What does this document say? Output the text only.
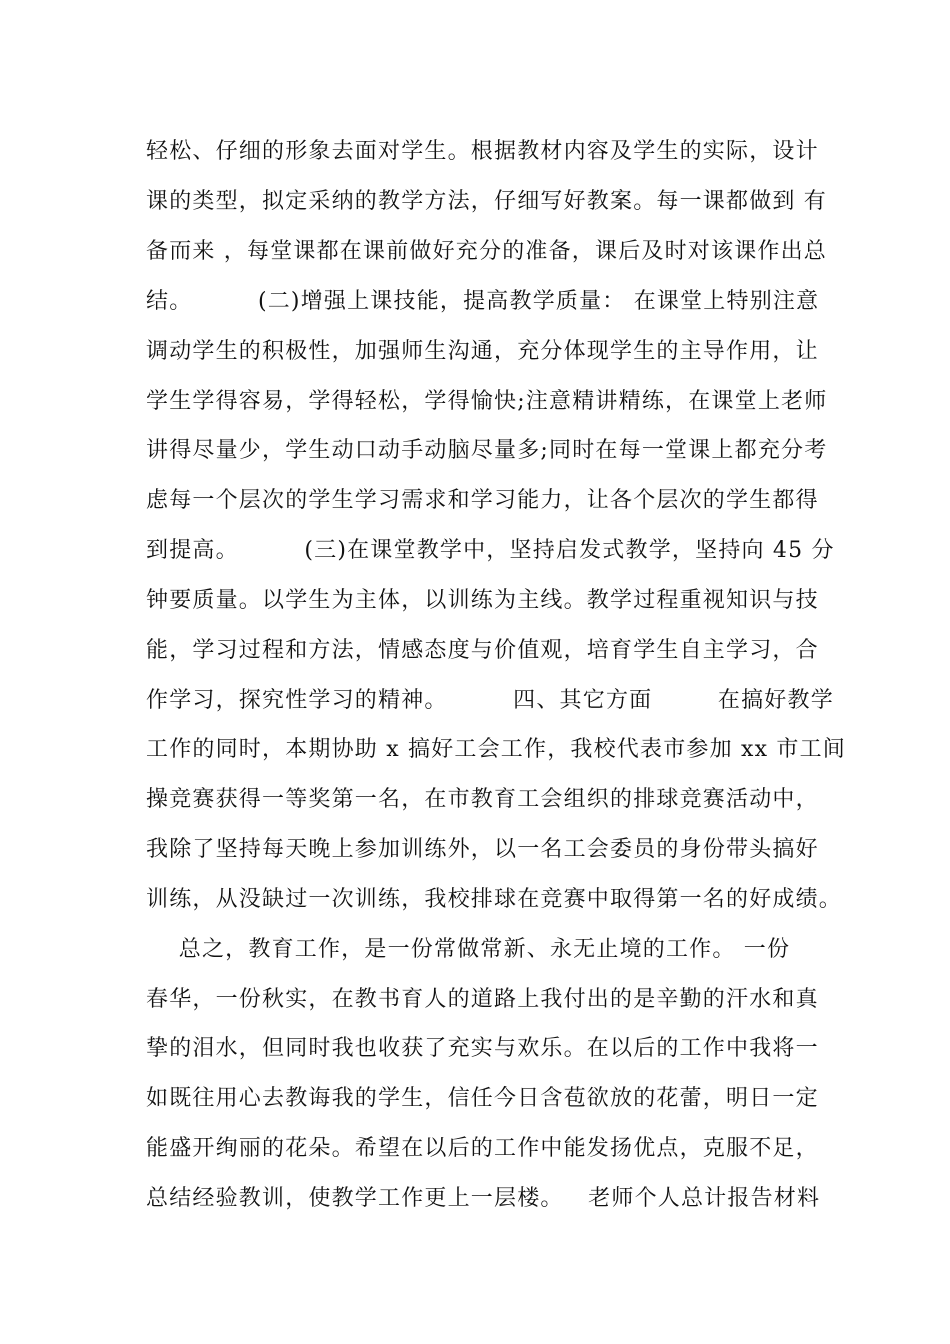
轻松、仔细的形象去面对学生。根据教材内容及学生的实际，设计
课的类型，拟定采纳的教学方法，仔细写好教案。每一课都做到 有
备而来 ，每堂课都在课前做好充分的准备，课后及时对该课作出总
结。        (二)增强上课技能，提高教学质量： 在课堂上特别注意
调动学生的积极性，加强师生沟通，充分体现学生的主导作用，让
学生学得容易，学得轻松，学得愉快;注意精讲精练，在课堂上老师
讲得尽量少，学生动口动手动脑尽量多;同时在每一堂课上都充分考
虑每一个层次的学生学习需求和学习能力，让各个层次的学生都得
到提高。        (三)在课堂教学中，坚持启发式教学，坚持向 45 分
钟要质量。以学生为主体，以训练为主线。教学过程重视知识与技
能，学习过程和方法，情感态度与价值观，培育学生自主学习，合
作学习，探究性学习的精神。        四、其它方面        在搞好教学
工作的同时，本期协助 x 搞好工会工作，我校代表市参加 xx 市工间
操竞赛获得一等奖第一名，在市教育工会组织的排球竞赛活动中，
我除了坚持每天晚上参加训练外，以一名工会委员的身份带头搞好
训练，从没缺过一次训练，我校排球在竞赛中取得第一名的好成绩。
总之，教育工作，是一份常做常新、永无止境的工作。 一份
春华，一份秋实，在教书育人的道路上我付出的是辛勤的汗水和真
挚的泪水，但同时我也收获了充实与欢乐。在以后的工作中我将一
如既往用心去教诲我的学生，信任今日含苞欲放的花蕾，明日一定
能盛开绚丽的花朵。希望在以后的工作中能发扬优点，克服不足，
总结经验教训，使教学工作更上一层楼。   老师个人总计报告材料
